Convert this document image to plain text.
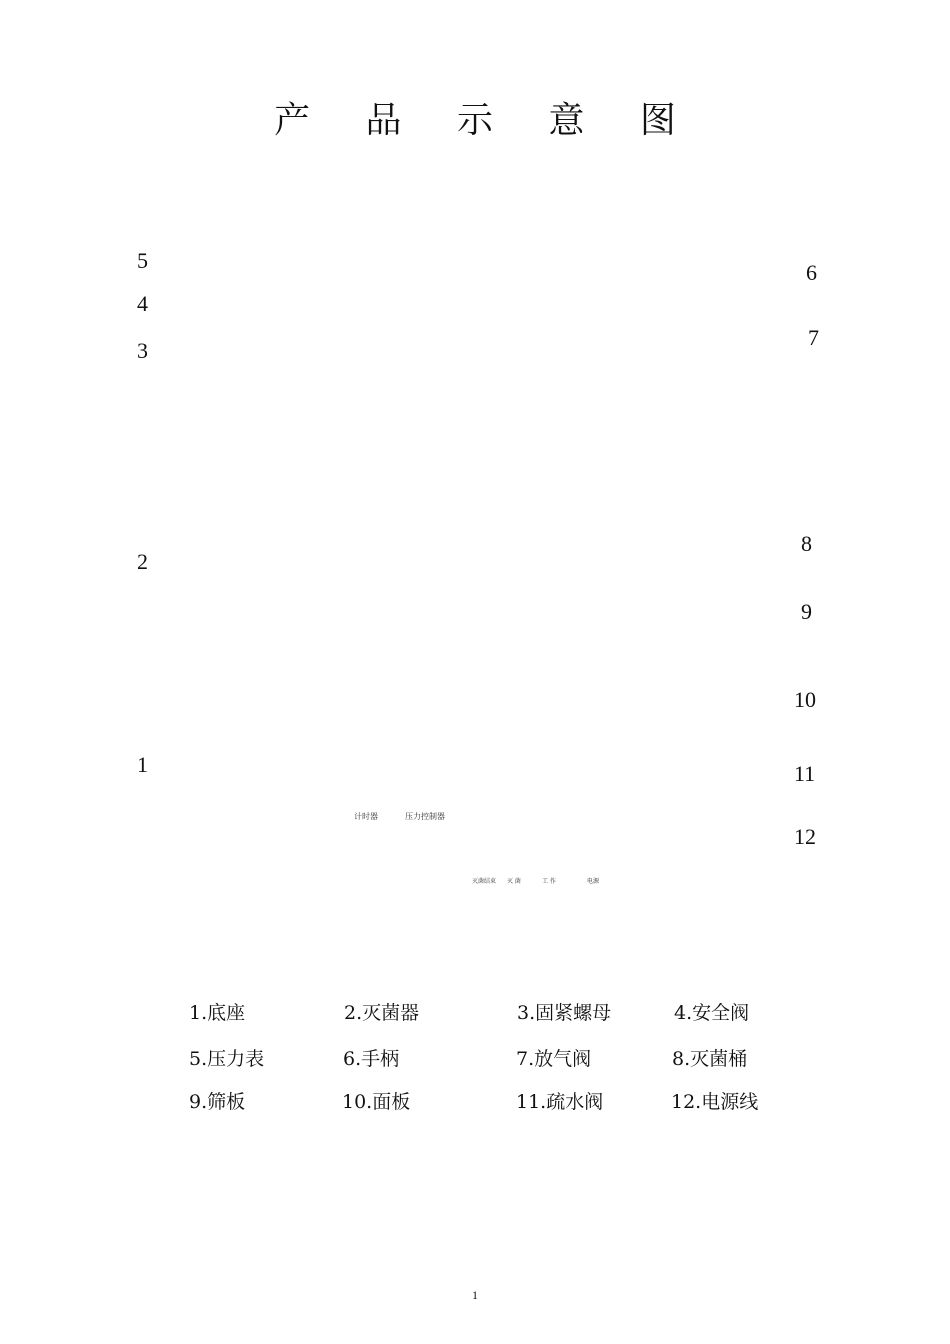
产 品 示 意 图
5
4
3
2
1
6
7
8
9
10
11
12
计时器	压力控制器
灭菌结束 灭 菌	工 作	电源
1.底座	2.灭菌器	3.固紧螺母	4.安全阀
5.压力表	6.手柄	7.放气阀	8.灭菌桶
9.筛板	10.面板	11.疏水阀	12.电源线
1
